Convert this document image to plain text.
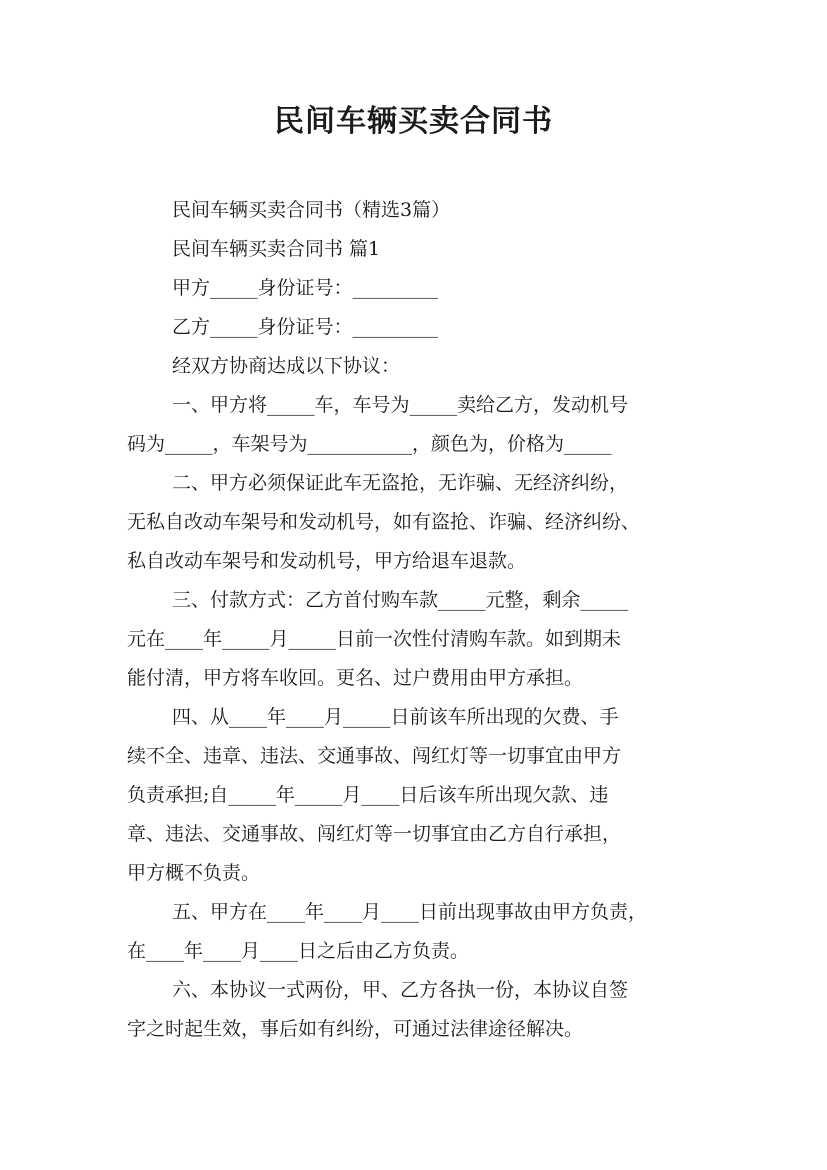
民间车辆买卖合同书

民间车辆买卖合同书（精选3篇）

民间车辆买卖合同书 篇1

甲方_____身份证号：_________

乙方_____身份证号：_________

经双方协商达成以下协议：

一、甲方将_____车，车号为_____卖给乙方，发动机号

码为_____，车架号为___________，颜色为，价格为_____

二、甲方必须保证此车无盗抢，无诈骗、无经济纠纷，

无私自改动车架号和发动机号，如有盗抢、诈骗、经济纠纷、

私自改动车架号和发动机号，甲方给退车退款。

三、付款方式：乙方首付购车款_____元整，剩余_____

元在____年_____月_____日前一次性付清购车款。如到期未

能付清，甲方将车收回。更名、过户费用由甲方承担。

四、从____年____月_____日前该车所出现的欠费、手

续不全、违章、违法、交通事故、闯红灯等一切事宜由甲方

负责承担;自_____年_____月____日后该车所出现欠款、违

章、违法、交通事故、闯红灯等一切事宜由乙方自行承担，

甲方概不负责。

五、甲方在____年____月____日前出现事故由甲方负责，

在____年____月____日之后由乙方负责。

六、本协议一式两份，甲、乙方各执一份，本协议自签

字之时起生效，事后如有纠纷，可通过法律途径解决。
